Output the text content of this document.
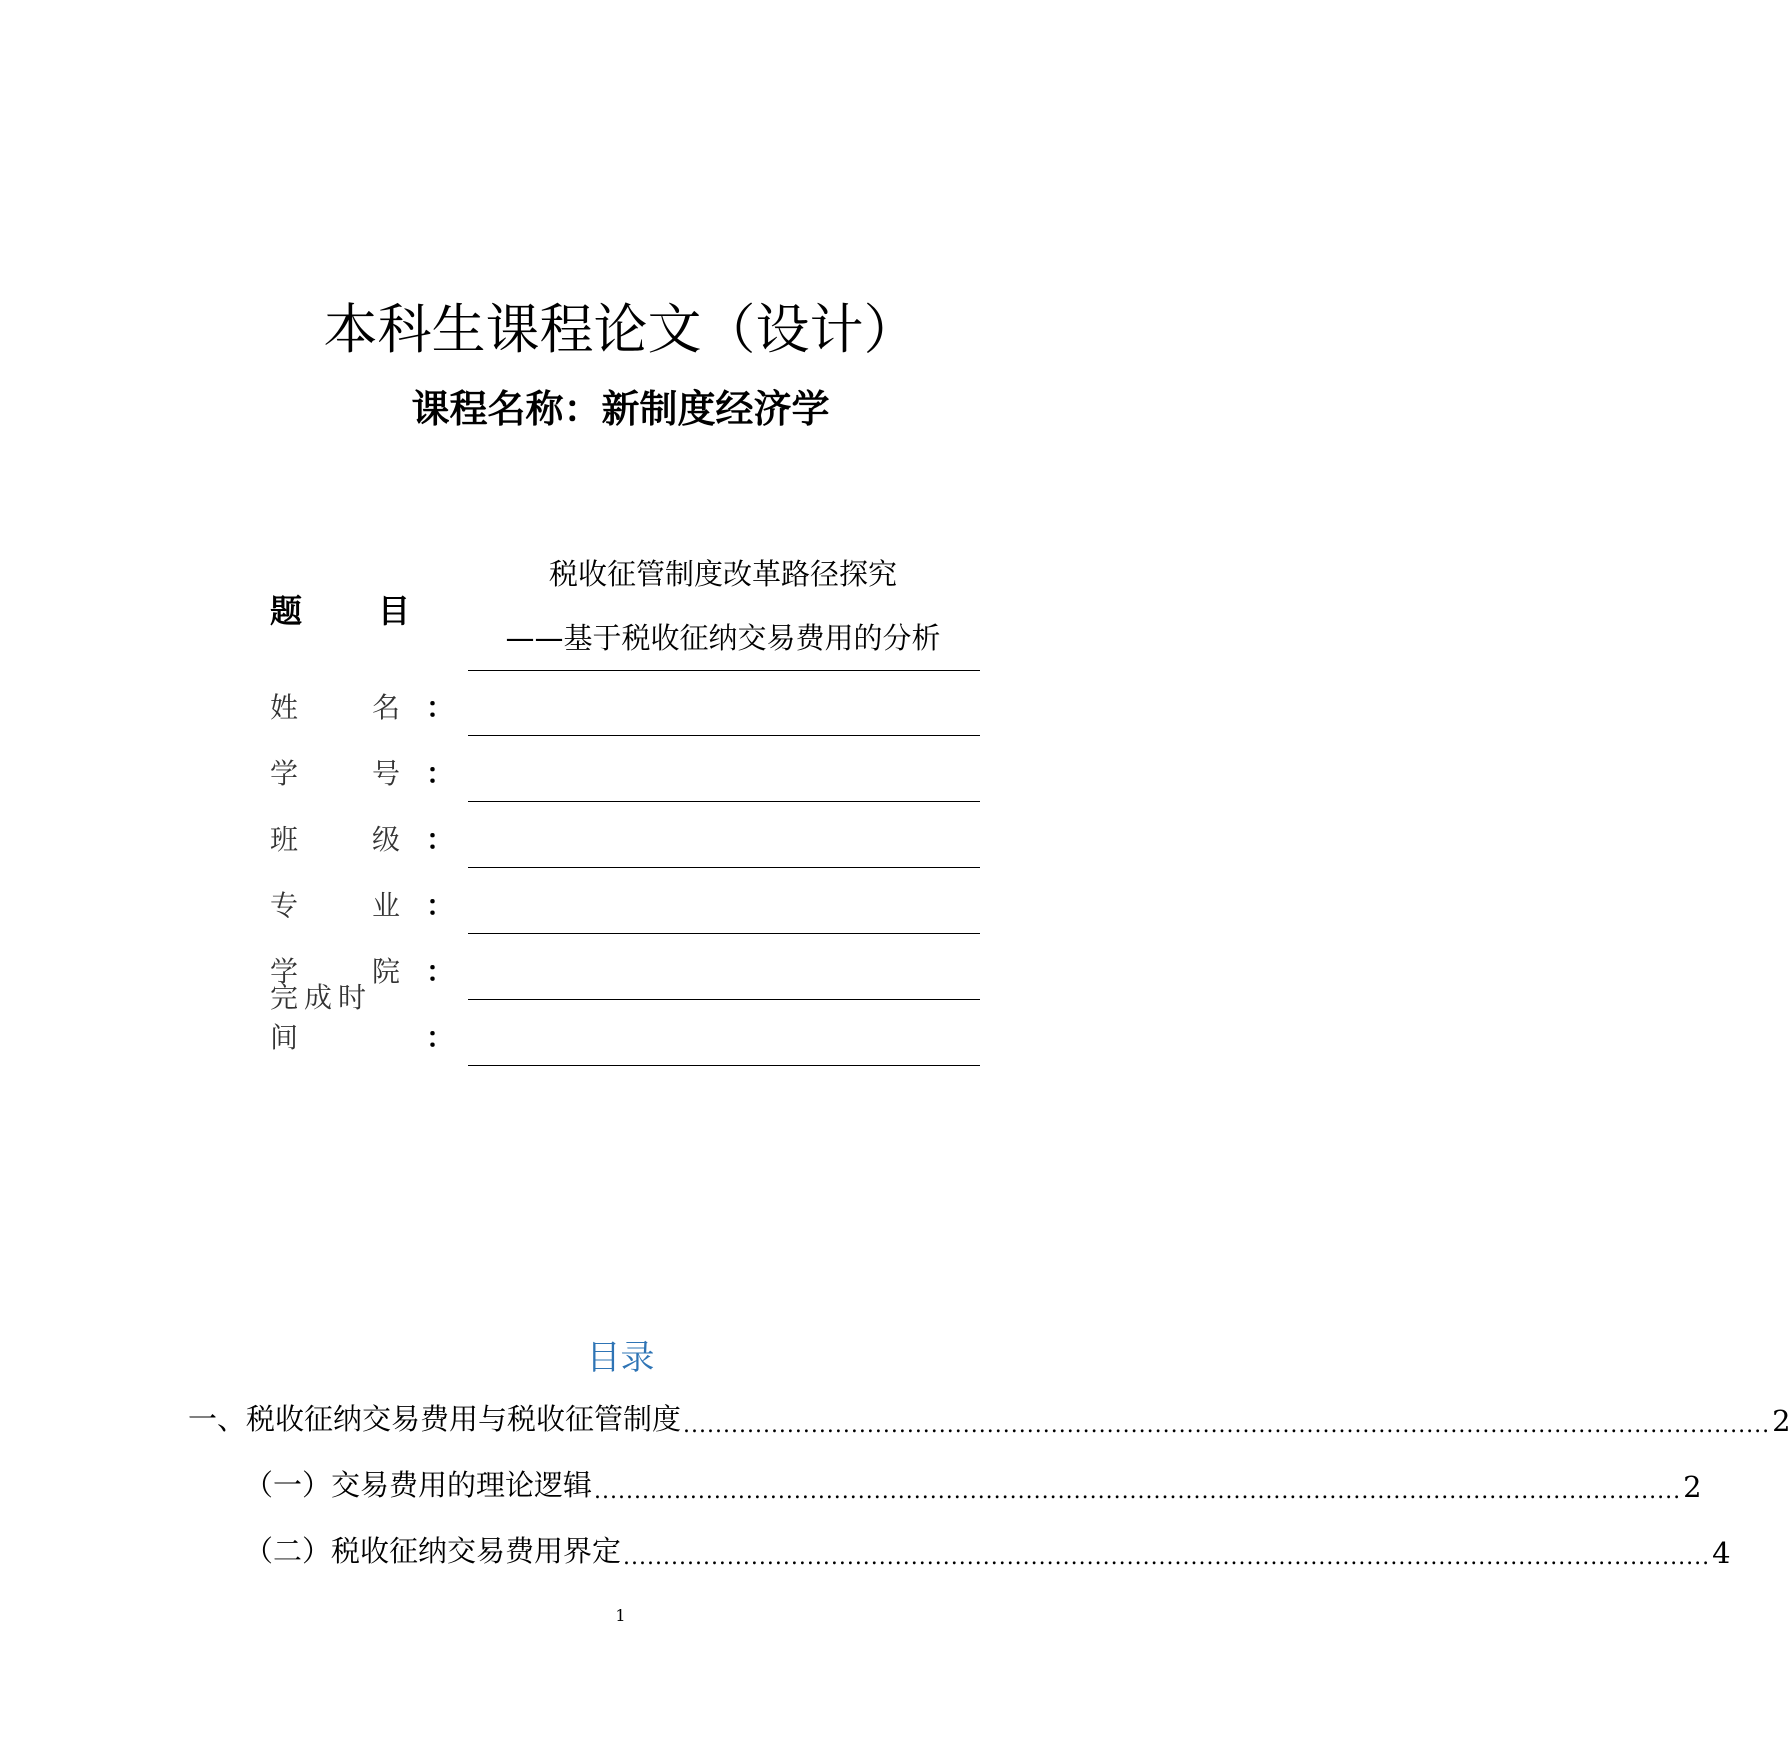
本科生课程论文（设计）
课程名称：新制度经济学
题 目
税收征管制度改革路径探究
——基于税收征纳交易费用的分析
姓	名 ：
学	号 ：
班	级 ：
专	业 ：
学	院 ：
完成时间	：
目录
一、税收征纳交易费用与税收征管制度 ........................................................................................................................................ 2
（一）交易费用的理论逻辑 ........................................................................................................................................ 2
（二）税收征纳交易费用界定 ........................................................................................................................................ 4
1
